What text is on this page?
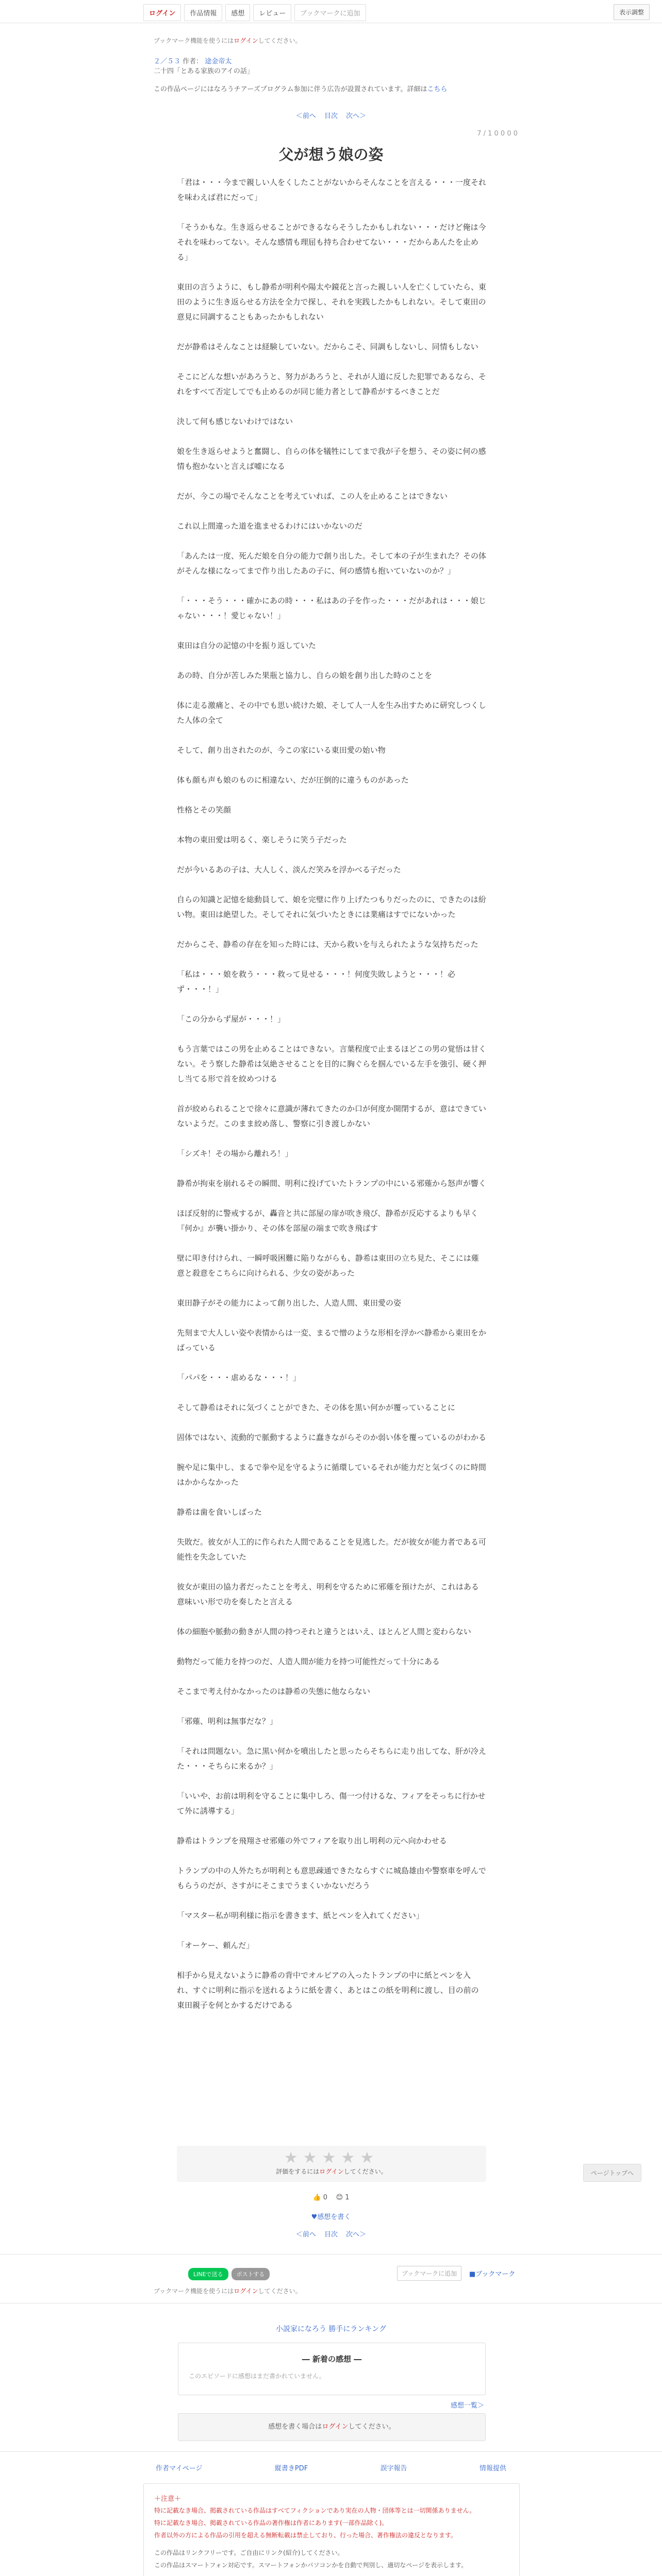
ログイン	作品情報	感想	レビュー	ブックマークに追加	表示調整
ブックマーク機能を使うにはログインしてください。
２／５３ 作者： 途金帝太
二十四「とある家族のアイの話」
この作品ページにはなろうチアーズプログラム参加に伴う広告が設置されています。詳細はこちら
＜前へ 目次 次へ＞
7 / 1 0 0 0 0
父が想う娘の姿

「君は・・・今まで親しい人をくしたことがないからそんなことを言える・・・一度それを味わえば君にだって」

「そうかもな。生き返らせることができるならそうしたかもしれない・・・だけど俺は今それを味わってない。そんな感情も理屈も持ち合わせてない・・・だからあんたを止める」

東田の言うように、もし静希が明利や陽太や鏡花と言った親しい人を亡くしていたら、東田のように生き返らせる方法を全力で探し、それを実践したかもしれない。そして東田の意見に同調することもあったかもしれない

だが静希はそんなことは経験していない。だからこそ、同調もしないし、同情もしない

そこにどんな想いがあろうと、努力があろうと、それが人道に反した犯罪であるなら、それをすべて否定してでも止めるのが同じ能力者として静希がするべきことだ

決して何も感じないわけではない

娘を生き返らせようと奮闘し、自らの体を犠牲にしてまで我が子を想う、その姿に何の感情も抱かないと言えば嘘になる

だが、今この場でそんなことを考えていれば、この人を止めることはできない

これ以上間違った道を進ませるわけにはいかないのだ

「あんたは一度、死んだ娘を自分の能力で創り出した。そして本の子が生まれた？その体がそんな様になってまで作り出したあの子に、何の感情も抱いていないのか？」

「・・・そう・・・確かにあの時・・・私はあの子を作った・・・だがあれは・・・娘じゃない・・・！愛じゃない！」

東田は自分の記憶の中を振り返していた

あの時、自分が苦しみた果瓶と協力し、自らの娘を創り出した時のことを

体に走る激痛と、その中でも思い続けた娘、そして人一人を生み出すために研究しつくした人体の全て

そして、創り出されたのが、今この家にいる東田愛の始い物

体も顔も声も娘のものに相違ない、だが圧倒的に違うものがあった

性格とその笑顔

本物の東田愛は明るく、楽しそうに笑う子だった

だが今いるあの子は、大人しく、淡んだ笑みを浮かべる子だった

自らの知識と記憶を総動員して、娘を完璧に作り上げたつもりだったのに、できたのは紛い物。東田は絶望した。そしてそれに気づいたときには業痛はすでにないかった

だからこそ、静希の存在を知った時には、天から救いを与えられたような気持ちだった

「私は・・・娘を救う・・・救って見せる・・・！何度失敗しようと・・・！必ず・・・！」

「この分からず屋が・・・！」

もう言葉ではこの男を止めることはできない。言葉程度で止まるほどこの男の覚悟は甘くない。そう察した静希は気絶させることを目的に胸ぐらを掴んでいる左手を強引、硬く押し当てる形で首を絞めつける

首が絞められることで徐々に意識が薄れてきたのか口が何度か開閉するが、意はできていないようだ。このまま絞め落し、警察に引き渡しかない

「シズキ！その場から離れろ！」

静希が拘束を崩れるその瞬間、明利に投げていたトランプの中にいる邪薙から怒声が響く

ほぼ反射的に警戒するが、轟音と共に部屋の扉が吹き飛び、静希が反応するよりも早く『何か』が襲い掛かり、その体を部屋の端まで吹き飛ばす

壁に叩き付けられ、一瞬呼吸困難に陥りながらも、静希は東田の立ち見た、そこには薙意と殺意をこちらに向けられる、少女の姿があった

東田静子がその能力によって創り出した、人造人間、東田愛の姿

先刻まで大人しい姿や表情からは一変、まるで憎のような形相を浮かべ静希から東田をかばっている

「パパを・・・虐めるな・・・！」

そして静希はそれに気づくことができた、その体を黒い何かが覆っていることに

固体ではない、流動的で脈動するように蠢きながらそのか弱い体を覆っているのがわかる

腕や足に集中し、まるで拳や足を守るように循環しているそれが能力だと気づくのに時間はかからなかった

静希は歯を食いしばった

失敗だ。彼女が人工的に作られた人間であることを見逃した。だが彼女が能力者である可能性を失念していた

彼女が東田の協力者だったことを考え、明利を守るために邪薙を預けたが、これはある意味いい形で功を奏したと言える

体の細胞や脈動の動きが人間の持つそれと違うとはいえ、ほとんど人間と変わらない

動物だって能力を持つのだ、人造人間が能力を持つ可能性だって十分にある

そこまで考え付かなかったのは静希の失態に他ならない

「邪薙、明利は無事だな？」

「それは問題ない。急に黒い何かを噴出したと思ったらそちらに走り出してな、肝が冷えた・・・そちらに来るか？」

「いいや、お前は明利を守ることに集中しろ、傷一つ付けるな、フィアをそっちに行かせて外に誘導する」

静希はトランプを飛翔させ邪薙の外でフィアを取り出し明利の元へ向かわせる

トランプの中の人外たちが明利とも意思疎通できたならすぐに城島雄由や警察車を呼んでもらうのだが、さすがにそこまでうまくいかないだろう

「マスター私が明利様に指示を書きます、紙とペンを入れてください」

「オーケー、頼んだ」

相手から見えないように静希の背中でオルビアの入ったトランプの中に紙とペンを入れ、すぐに明利に指示を送れるように紙を書く、あとはこの紙を明利に渡し、目の前の東田親子を何とかするだけである

ページトップへ
★★★★★
評価をするにはログインしてください。
👍 0 😊 1
♥感想を書く
＜前へ 目次 次へ＞
LINEで送る	ポストする	ブックマークに追加	■ブックマーク
ブックマーク機能を使うにはログインしてください。
小説家になろう 勝手にランキング
― 新着の感想 ―
このエピソードに感想はまだ書かれていません。
感想一覧＞
感想を書く場合はログインしてください。
作者マイページ	縦書きPDF	誤字報告	情報提供
＋注意＋
特に記載なき場合、掲載されている作品はすべてフィクションであり実在の人物・団体等とは一切関係ありません。
特に記載なき場合、掲載されている作品の著作権は作者にあります(一部作品除く)。
作者以外の方による作品の引用を超える無断転載は禁止しており、行った場合、著作権法の違反となります。
この作品はリンクフリーです。ご自由にリンク(紹介)してください。
この作品はスマートフォン対応です。スマートフォンかパソコンかを自動で判別し、適切なページを表示します。
